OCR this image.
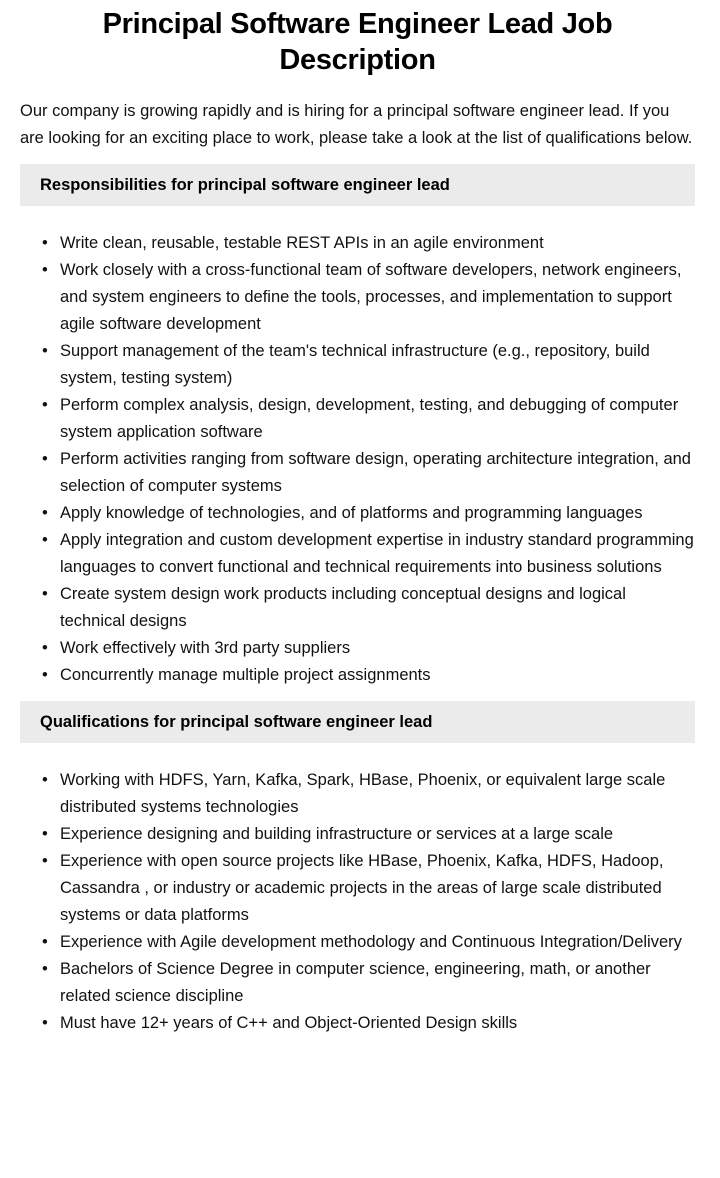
Principal Software Engineer Lead Job Description

Our company is growing rapidly and is hiring for a principal software engineer lead. If you are looking for an exciting place to work, please take a look at the list of qualifications below.

Responsibilities for principal software engineer lead
• Write clean, reusable, testable REST APIs in an agile environment
• Work closely with a cross-functional team of software developers, network engineers, and system engineers to define the tools, processes, and implementation to support agile software development
• Support management of the team's technical infrastructure (e.g., repository, build system, testing system)
• Perform complex analysis, design, development, testing, and debugging of computer system application software
• Perform activities ranging from software design, operating architecture integration, and selection of computer systems
• Apply knowledge of technologies, and of platforms and programming languages
• Apply integration and custom development expertise in industry standard programming languages to convert functional and technical requirements into business solutions
• Create system design work products including conceptual designs and logical technical designs
• Work effectively with 3rd party suppliers
• Concurrently manage multiple project assignments
Qualifications for principal software engineer lead
• Working with HDFS, Yarn, Kafka, Spark, HBase, Phoenix, or equivalent large scale distributed systems technologies
• Experience designing and building infrastructure or services at a large scale
• Experience with open source projects like HBase, Phoenix, Kafka, HDFS, Hadoop, Cassandra , or industry or academic projects in the areas of large scale distributed systems or data platforms
• Experience with Agile development methodology and Continuous Integration/Delivery
• Bachelors of Science Degree in computer science, engineering, math, or another related science discipline
• Must have 12+ years of C++ and Object-Oriented Design skills
